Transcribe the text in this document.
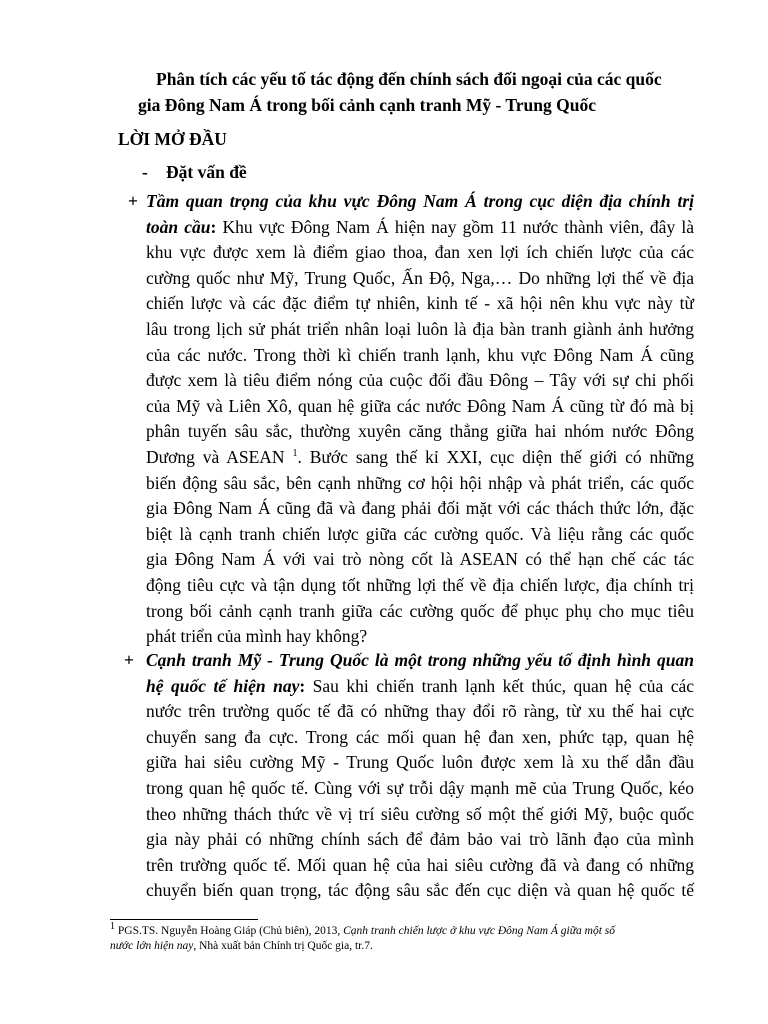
Phân tích các yếu tố tác động đến chính sách đối ngoại của các quốc
gia Đông Nam Á trong bối cảnh cạnh tranh Mỹ - Trung Quốc
LỜI MỞ ĐẦU
- Đặt vấn đề
+ Tầm quan trọng của khu vực Đông Nam Á trong cục diện địa chính trị
toàn cầu: Khu vực Đông Nam Á hiện nay gồm 11 nước thành viên, đây là
khu vực được xem là điểm giao thoa, đan xen lợi ích chiến lược của các
cường quốc như Mỹ, Trung Quốc, Ấn Độ, Nga,… Do những lợi thế về địa
chiến lược và các đặc điểm tự nhiên, kinh tế - xã hội nên khu vực này từ
lâu trong lịch sử phát triển nhân loại luôn là địa bàn tranh giành ảnh hưởng
của các nước. Trong thời kì chiến tranh lạnh, khu vực Đông Nam Á cũng
được xem là tiêu điểm nóng của cuộc đối đầu Đông – Tây với sự chi phối
của Mỹ và Liên Xô, quan hệ giữa các nước Đông Nam Á cũng từ đó mà bị
phân tuyến sâu sắc, thường xuyên căng thẳng giữa hai nhóm nước Đông
Dương và ASEAN $^1$. Bước sang thế kỉ XXI, cục diện thế giới có những
biến động sâu sắc, bên cạnh những cơ hội hội nhập và phát triển, các quốc
gia Đông Nam Á cũng đã và đang phải đối mặt với các thách thức lớn, đặc
biệt là cạnh tranh chiến lược giữa các cường quốc. Và liệu rằng các quốc
gia Đông Nam Á với vai trò nòng cốt là ASEAN có thể hạn chế các tác
động tiêu cực và tận dụng tốt những lợi thế về địa chiến lược, địa chính trị
trong bối cảnh cạnh tranh giữa các cường quốc để phục phụ cho mục tiêu
phát triển của mình hay không?
+ Cạnh tranh Mỹ - Trung Quốc là một trong những yếu tố định hình quan
hệ quốc tế hiện nay: Sau khi chiến tranh lạnh kết thúc, quan hệ của các
nước trên trường quốc tế đã có những thay đổi rõ ràng, từ xu thế hai cực
chuyển sang đa cực. Trong các mối quan hệ đan xen, phức tạp, quan hệ
giữa hai siêu cường Mỹ - Trung Quốc luôn được xem là xu thế dẫn đầu
trong quan hệ quốc tế. Cùng với sự trỗi dậy mạnh mẽ của Trung Quốc, kéo
theo những thách thức về vị trí siêu cường số một thế giới Mỹ, buộc quốc
gia này phải có những chính sách để đảm bảo vai trò lãnh đạo của mình
trên trường quốc tế. Mối quan hệ của hai siêu cường đã và đang có những
chuyển biến quan trọng, tác động sâu sắc đến cục diện và quan hệ quốc tế
$^1$ PGS.TS. Nguyễn Hoàng Giáp (Chủ biên), 2013, Cạnh tranh chiến lược ở khu vực Đông Nam Á giữa một số
nước lớn hiện nay, Nhà xuất bản Chính trị Quốc gia, tr.7.
